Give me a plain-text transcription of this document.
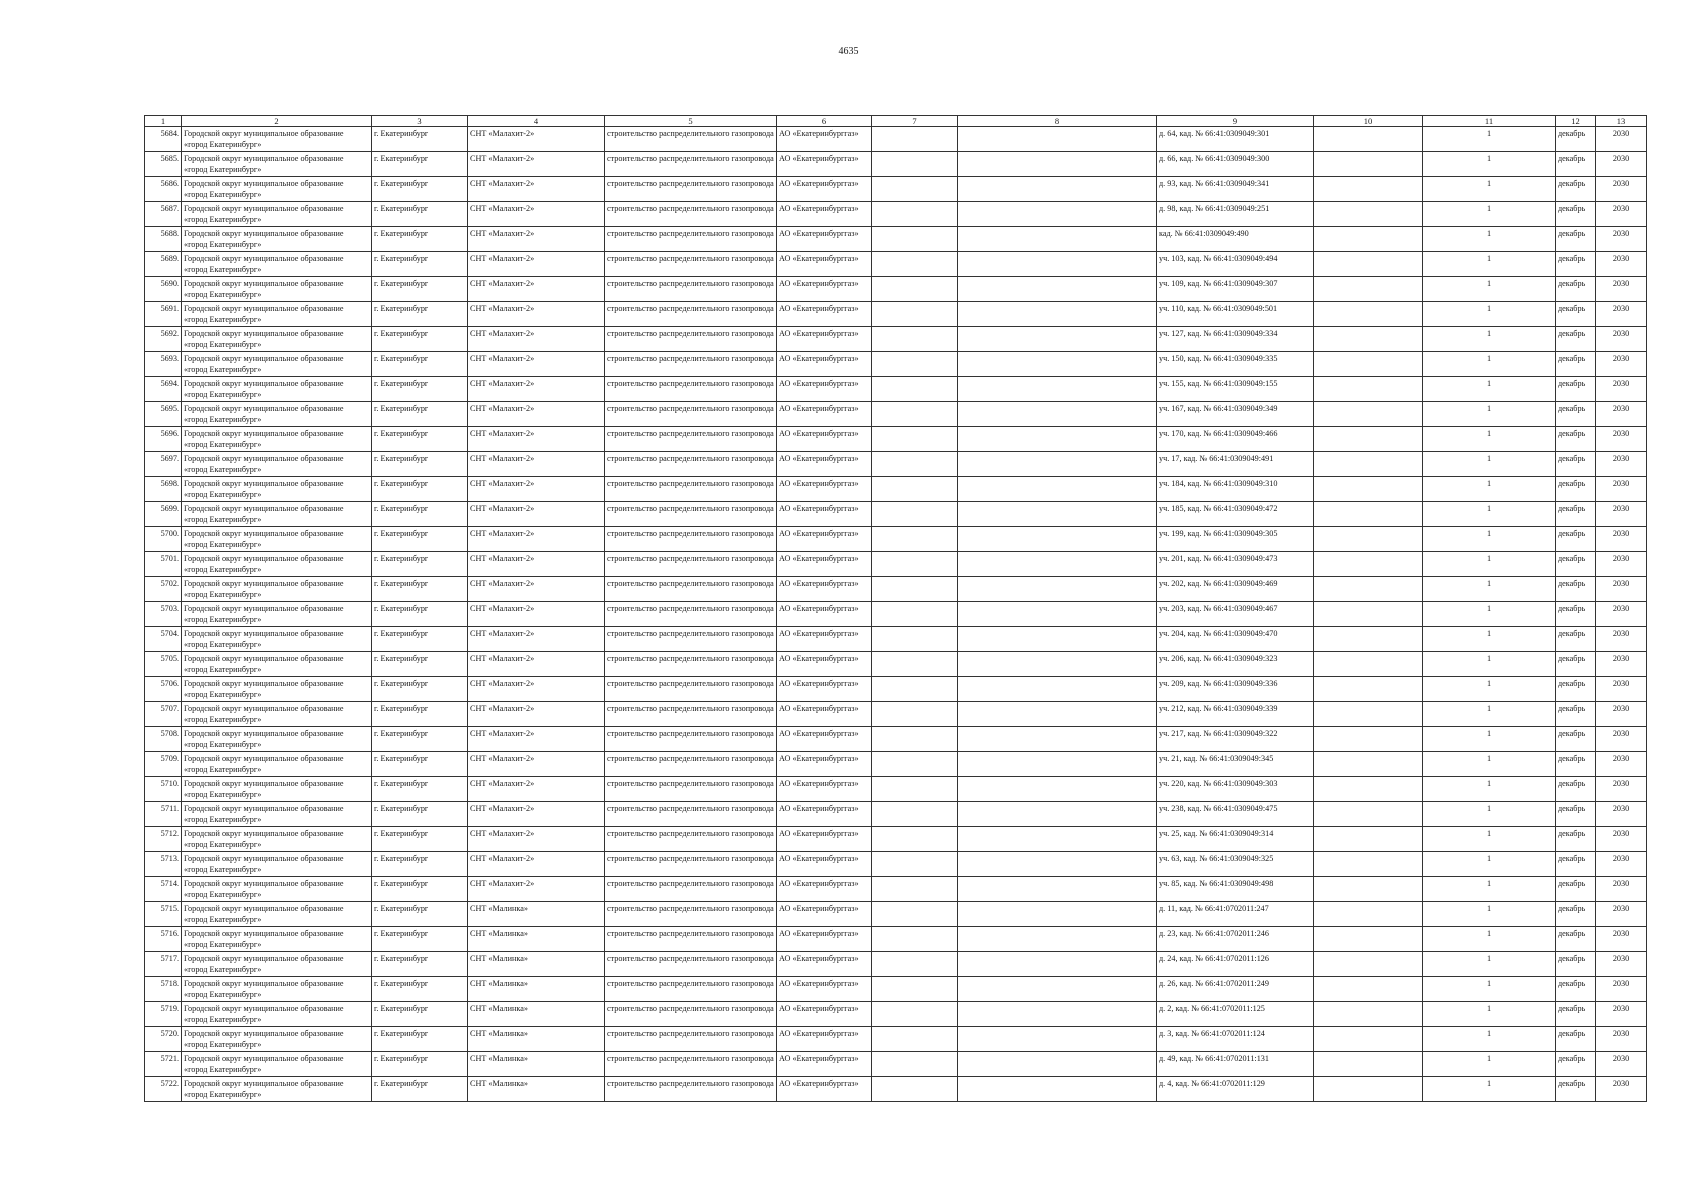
4635
1	2	3	4	5	6	7	8	9	10	11	12	13
5684.	Городской округ муниципальное образование «город Екатеринбург»	г. Екатеринбург	СНТ «Малахит-2»	строительство распределительного газопровода	АО «Екатеринбурггаз»			д. 64, кад. № 66:41:0309049:301		1	декабрь	2030
5685.	Городской округ муниципальное образование «город Екатеринбург»	г. Екатеринбург	СНТ «Малахит-2»	строительство распределительного газопровода	АО «Екатеринбурггаз»			д. 66, кад. № 66:41:0309049:300		1	декабрь	2030
5686.	Городской округ муниципальное образование «город Екатеринбург»	г. Екатеринбург	СНТ «Малахит-2»	строительство распределительного газопровода	АО «Екатеринбурггаз»			д. 93, кад. № 66:41:0309049:341		1	декабрь	2030
5687.	Городской округ муниципальное образование «город Екатеринбург»	г. Екатеринбург	СНТ «Малахит-2»	строительство распределительного газопровода	АО «Екатеринбурггаз»			д. 98, кад. № 66:41:0309049:251		1	декабрь	2030
5688.	Городской округ муниципальное образование «город Екатеринбург»	г. Екатеринбург	СНТ «Малахит-2»	строительство распределительного газопровода	АО «Екатеринбурггаз»			кад. № 66:41:0309049:490		1	декабрь	2030
5689.	Городской округ муниципальное образование «город Екатеринбург»	г. Екатеринбург	СНТ «Малахит-2»	строительство распределительного газопровода	АО «Екатеринбурггаз»			уч. 103, кад. № 66:41:0309049:494		1	декабрь	2030
5690.	Городской округ муниципальное образование «город Екатеринбург»	г. Екатеринбург	СНТ «Малахит-2»	строительство распределительного газопровода	АО «Екатеринбурггаз»			уч. 109, кад. № 66:41:0309049:307		1	декабрь	2030
5691.	Городской округ муниципальное образование «город Екатеринбург»	г. Екатеринбург	СНТ «Малахит-2»	строительство распределительного газопровода	АО «Екатеринбурггаз»			уч. 110, кад. № 66:41:0309049:501		1	декабрь	2030
5692.	Городской округ муниципальное образование «город Екатеринбург»	г. Екатеринбург	СНТ «Малахит-2»	строительство распределительного газопровода	АО «Екатеринбурггаз»			уч. 127, кад. № 66:41:0309049:334		1	декабрь	2030
5693.	Городской округ муниципальное образование «город Екатеринбург»	г. Екатеринбург	СНТ «Малахит-2»	строительство распределительного газопровода	АО «Екатеринбурггаз»			уч. 150, кад. № 66:41:0309049:335		1	декабрь	2030
5694.	Городской округ муниципальное образование «город Екатеринбург»	г. Екатеринбург	СНТ «Малахит-2»	строительство распределительного газопровода	АО «Екатеринбурггаз»			уч. 155, кад. № 66:41:0309049:155		1	декабрь	2030
5695.	Городской округ муниципальное образование «город Екатеринбург»	г. Екатеринбург	СНТ «Малахит-2»	строительство распределительного газопровода	АО «Екатеринбурггаз»			уч. 167, кад. № 66:41:0309049:349		1	декабрь	2030
5696.	Городской округ муниципальное образование «город Екатеринбург»	г. Екатеринбург	СНТ «Малахит-2»	строительство распределительного газопровода	АО «Екатеринбурггаз»			уч. 170, кад. № 66:41:0309049:466		1	декабрь	2030
5697.	Городской округ муниципальное образование «город Екатеринбург»	г. Екатеринбург	СНТ «Малахит-2»	строительство распределительного газопровода	АО «Екатеринбурггаз»			уч. 17, кад. № 66:41:0309049:491		1	декабрь	2030
5698.	Городской округ муниципальное образование «город Екатеринбург»	г. Екатеринбург	СНТ «Малахит-2»	строительство распределительного газопровода	АО «Екатеринбурггаз»			уч. 184, кад. № 66:41:0309049:310		1	декабрь	2030
5699.	Городской округ муниципальное образование «город Екатеринбург»	г. Екатеринбург	СНТ «Малахит-2»	строительство распределительного газопровода	АО «Екатеринбурггаз»			уч. 185, кад. № 66:41:0309049:472		1	декабрь	2030
5700.	Городской округ муниципальное образование «город Екатеринбург»	г. Екатеринбург	СНТ «Малахит-2»	строительство распределительного газопровода	АО «Екатеринбурггаз»			уч. 199, кад. № 66:41:0309049:305		1	декабрь	2030
5701.	Городской округ муниципальное образование «город Екатеринбург»	г. Екатеринбург	СНТ «Малахит-2»	строительство распределительного газопровода	АО «Екатеринбурггаз»			уч. 201, кад. № 66:41:0309049:473		1	декабрь	2030
5702.	Городской округ муниципальное образование «город Екатеринбург»	г. Екатеринбург	СНТ «Малахит-2»	строительство распределительного газопровода	АО «Екатеринбурггаз»			уч. 202, кад. № 66:41:0309049:469		1	декабрь	2030
5703.	Городской округ муниципальное образование «город Екатеринбург»	г. Екатеринбург	СНТ «Малахит-2»	строительство распределительного газопровода	АО «Екатеринбурггаз»			уч. 203, кад. № 66:41:0309049:467		1	декабрь	2030
5704.	Городской округ муниципальное образование «город Екатеринбург»	г. Екатеринбург	СНТ «Малахит-2»	строительство распределительного газопровода	АО «Екатеринбурггаз»			уч. 204, кад. № 66:41:0309049:470		1	декабрь	2030
5705.	Городской округ муниципальное образование «город Екатеринбург»	г. Екатеринбург	СНТ «Малахит-2»	строительство распределительного газопровода	АО «Екатеринбурггаз»			уч. 206, кад. № 66:41:0309049:323		1	декабрь	2030
5706.	Городской округ муниципальное образование «город Екатеринбург»	г. Екатеринбург	СНТ «Малахит-2»	строительство распределительного газопровода	АО «Екатеринбурггаз»			уч. 209, кад. № 66:41:0309049:336		1	декабрь	2030
5707.	Городской округ муниципальное образование «город Екатеринбург»	г. Екатеринбург	СНТ «Малахит-2»	строительство распределительного газопровода	АО «Екатеринбурггаз»			уч. 212, кад. № 66:41:0309049:339		1	декабрь	2030
5708.	Городской округ муниципальное образование «город Екатеринбург»	г. Екатеринбург	СНТ «Малахит-2»	строительство распределительного газопровода	АО «Екатеринбурггаз»			уч. 217, кад. № 66:41:0309049:322		1	декабрь	2030
5709.	Городской округ муниципальное образование «город Екатеринбург»	г. Екатеринбург	СНТ «Малахит-2»	строительство распределительного газопровода	АО «Екатеринбурггаз»			уч. 21, кад. № 66:41:0309049:345		1	декабрь	2030
5710.	Городской округ муниципальное образование «город Екатеринбург»	г. Екатеринбург	СНТ «Малахит-2»	строительство распределительного газопровода	АО «Екатеринбурггаз»			уч. 220, кад. № 66:41:0309049:303		1	декабрь	2030
5711.	Городской округ муниципальное образование «город Екатеринбург»	г. Екатеринбург	СНТ «Малахит-2»	строительство распределительного газопровода	АО «Екатеринбурггаз»			уч. 238, кад. № 66:41:0309049:475		1	декабрь	2030
5712.	Городской округ муниципальное образование «город Екатеринбург»	г. Екатеринбург	СНТ «Малахит-2»	строительство распределительного газопровода	АО «Екатеринбурггаз»			уч. 25, кад. № 66:41:0309049:314		1	декабрь	2030
5713.	Городской округ муниципальное образование «город Екатеринбург»	г. Екатеринбург	СНТ «Малахит-2»	строительство распределительного газопровода	АО «Екатеринбурггаз»			уч. 63, кад. № 66:41:0309049:325		1	декабрь	2030
5714.	Городской округ муниципальное образование «город Екатеринбург»	г. Екатеринбург	СНТ «Малахит-2»	строительство распределительного газопровода	АО «Екатеринбурггаз»			уч. 85, кад. № 66:41:0309049:498		1	декабрь	2030
5715.	Городской округ муниципальное образование «город Екатеринбург»	г. Екатеринбург	СНТ «Малинка»	строительство распределительного газопровода	АО «Екатеринбурггаз»			д. 11, кад. № 66:41:0702011:247		1	декабрь	2030
5716.	Городской округ муниципальное образование «город Екатеринбург»	г. Екатеринбург	СНТ «Малинка»	строительство распределительного газопровода	АО «Екатеринбурггаз»			д. 23, кад. № 66:41:0702011:246		1	декабрь	2030
5717.	Городской округ муниципальное образование «город Екатеринбург»	г. Екатеринбург	СНТ «Малинка»	строительство распределительного газопровода	АО «Екатеринбурггаз»			д. 24, кад. № 66:41:0702011:126		1	декабрь	2030
5718.	Городской округ муниципальное образование «город Екатеринбург»	г. Екатеринбург	СНТ «Малинка»	строительство распределительного газопровода	АО «Екатеринбурггаз»			д. 26, кад. № 66:41:0702011:249		1	декабрь	2030
5719.	Городской округ муниципальное образование «город Екатеринбург»	г. Екатеринбург	СНТ «Малинка»	строительство распределительного газопровода	АО «Екатеринбурггаз»			д. 2, кад. № 66:41:0702011:125		1	декабрь	2030
5720.	Городской округ муниципальное образование «город Екатеринбург»	г. Екатеринбург	СНТ «Малинка»	строительство распределительного газопровода	АО «Екатеринбурггаз»			д. 3, кад. № 66:41:0702011:124		1	декабрь	2030
5721.	Городской округ муниципальное образование «город Екатеринбург»	г. Екатеринбург	СНТ «Малинка»	строительство распределительного газопровода	АО «Екатеринбурггаз»			д. 49, кад. № 66:41:0702011:131		1	декабрь	2030
5722.	Городской округ муниципальное образование «город Екатеринбург»	г. Екатеринбург	СНТ «Малинка»	строительство распределительного газопровода	АО «Екатеринбурггаз»			д. 4, кад. № 66:41:0702011:129		1	декабрь	2030
